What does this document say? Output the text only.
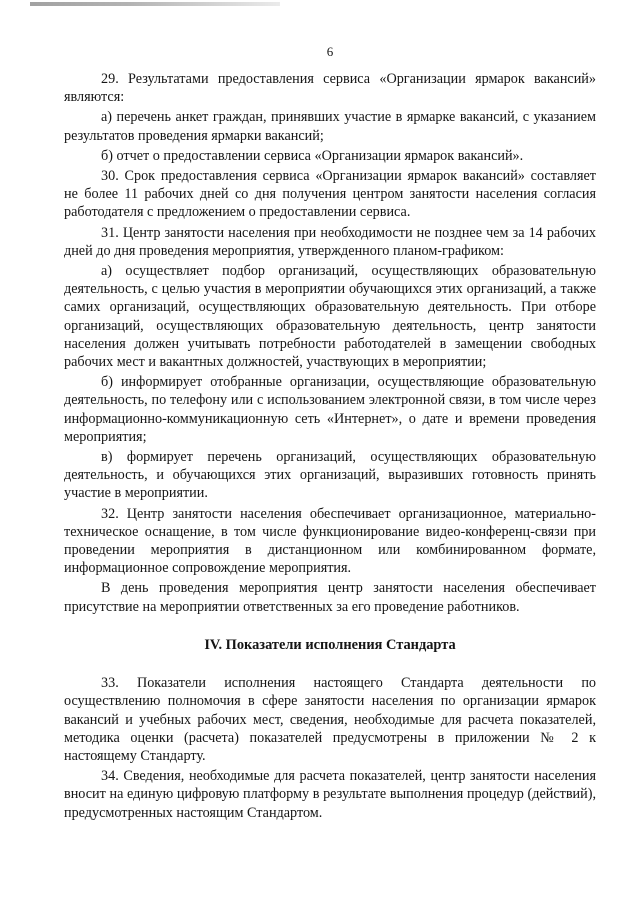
6

29. Результатами предоставления сервиса «Организации ярмарок вакансий» являются:

а) перечень анкет граждан, принявших участие в ярмарке вакансий, с указанием результатов проведения ярмарки вакансий;

б) отчет о предоставлении сервиса «Организации ярмарок вакансий».

30. Срок предоставления сервиса «Организации ярмарок вакансий» составляет не более 11 рабочих дней со дня получения центром занятости населения согласия работодателя с предложением о предоставлении сервиса.

31. Центр занятости населения при необходимости не позднее чем за 14 рабочих дней до дня проведения мероприятия, утвержденного планом-графиком:

а) осуществляет подбор организаций, осуществляющих образовательную деятельность, с целью участия в мероприятии обучающихся этих организаций, а также самих организаций, осуществляющих образовательную деятельность. При отборе организаций, осуществляющих образовательную деятельность, центр занятости населения должен учитывать потребности работодателей в замещении свободных рабочих мест и вакантных должностей, участвующих в мероприятии;

б) информирует отобранные организации, осуществляющие образовательную деятельность, по телефону или с использованием электронной связи, в том числе через информационно-коммуникационную сеть «Интернет», о дате и времени проведения мероприятия;

в) формирует перечень организаций, осуществляющих образовательную деятельность, и обучающихся этих организаций, выразивших готовность принять участие в мероприятии.

32. Центр занятости населения обеспечивает организационное, материально-техническое оснащение, в том числе функционирование видео-конференц-связи при проведении мероприятия в дистанционном или комбинированном формате, информационное сопровождение мероприятия.

В день проведения мероприятия центр занятости населения обеспечивает присутствие на мероприятии ответственных за его проведение работников.

IV. Показатели исполнения Стандарта

33. Показатели исполнения настоящего Стандарта деятельности по осуществлению полномочия в сфере занятости населения по организации ярмарок вакансий и учебных рабочих мест, сведения, необходимые для расчета показателей, методика оценки (расчета) показателей предусмотрены в приложении № 2 к настоящему Стандарту.

34. Сведения, необходимые для расчета показателей, центр занятости населения вносит на единую цифровую платформу в результате выполнения процедур (действий), предусмотренных настоящим Стандартом.
